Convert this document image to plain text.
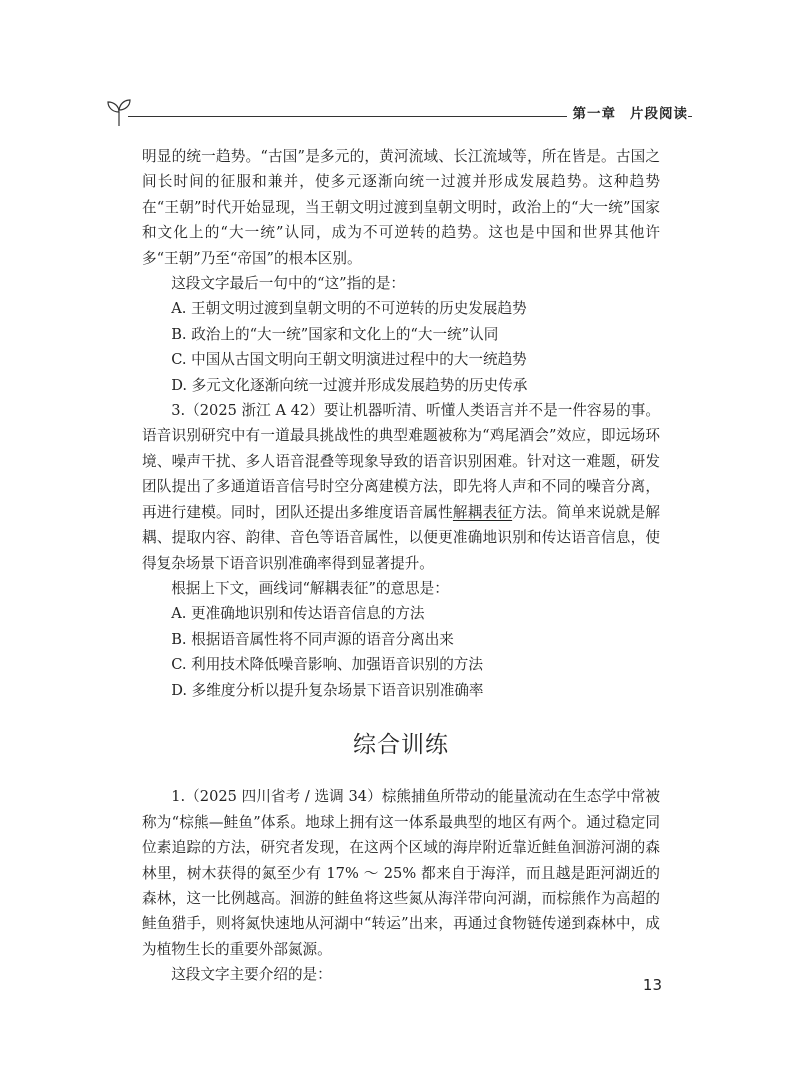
第一章 片段阅读

明显的统一趋势。“古国”是多元的，黄河流域、长江流域等，所在皆是。古国之间长时间的征服和兼并，使多元逐渐向统一过渡并形成发展趋势。这种趋势在“王朝”时代开始显现，当王朝文明过渡到皇朝文明时，政治上的“大一统”国家和文化上的“大一统”认同，成为不可逆转的趋势。这也是中国和世界其他许多“王朝”乃至“帝国”的根本区别。

这段文字最后一句中的“这”指的是：

A. 王朝文明过渡到皇朝文明的不可逆转的历史发展趋势

B. 政治上的“大一统”国家和文化上的“大一统”认同

C. 中国从古国文明向王朝文明演进过程中的大一统趋势

D. 多元文化逐渐向统一过渡并形成发展趋势的历史传承

3.（2025 浙江 A 42）要让机器听清、听懂人类语言并不是一件容易的事。语音识别研究中有一道最具挑战性的典型难题被称为“鸡尾酒会”效应，即远场环境、噪声干扰、多人语音混叠等现象导致的语音识别困难。针对这一难题，研发团队提出了多通道语音信号时空分离建模方法，即先将人声和不同的噪音分离，再进行建模。同时，团队还提出多维度语音属性解耦表征方法。简单来说就是解耦、提取内容、韵律、音色等语音属性，以便更准确地识别和传达语音信息，使得复杂场景下语音识别准确率得到显著提升。

根据上下文，画线词“解耦表征”的意思是：

A. 更准确地识别和传达语音信息的方法

B. 根据语音属性将不同声源的语音分离出来

C. 利用技术降低噪音影响、加强语音识别的方法

D. 多维度分析以提升复杂场景下语音识别准确率

综合训练

1.（2025 四川省考 / 选调 34）棕熊捕鱼所带动的能量流动在生态学中常被称为“棕熊—鲑鱼”体系。地球上拥有这一体系最典型的地区有两个。通过稳定同位素追踪的方法，研究者发现，在这两个区域的海岸附近靠近鲑鱼洄游河湖的森林里，树木获得的氮至少有 17% ～ 25% 都来自于海洋，而且越是距河湖近的森林，这一比例越高。洄游的鲑鱼将这些氮从海洋带向河湖，而棕熊作为高超的鲑鱼猎手，则将氮快速地从河湖中“转运”出来，再通过食物链传递到森林中，成为植物生长的重要外部氮源。

这段文字主要介绍的是：

13
